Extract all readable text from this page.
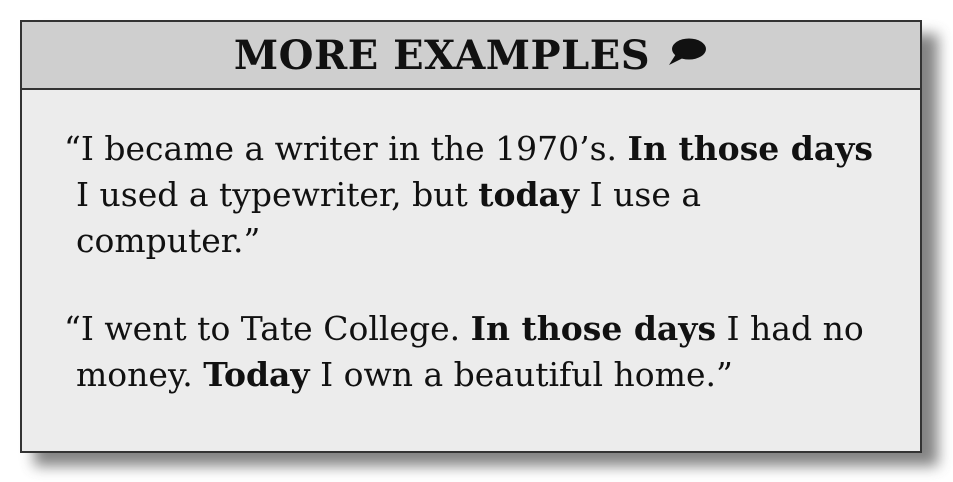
MORE EXAMPLES

“I became a writer in the 1970’s. In those days I used a typewriter, but today I use a computer.”

“I went to Tate College. In those days I had no money. Today I own a beautiful home.”
